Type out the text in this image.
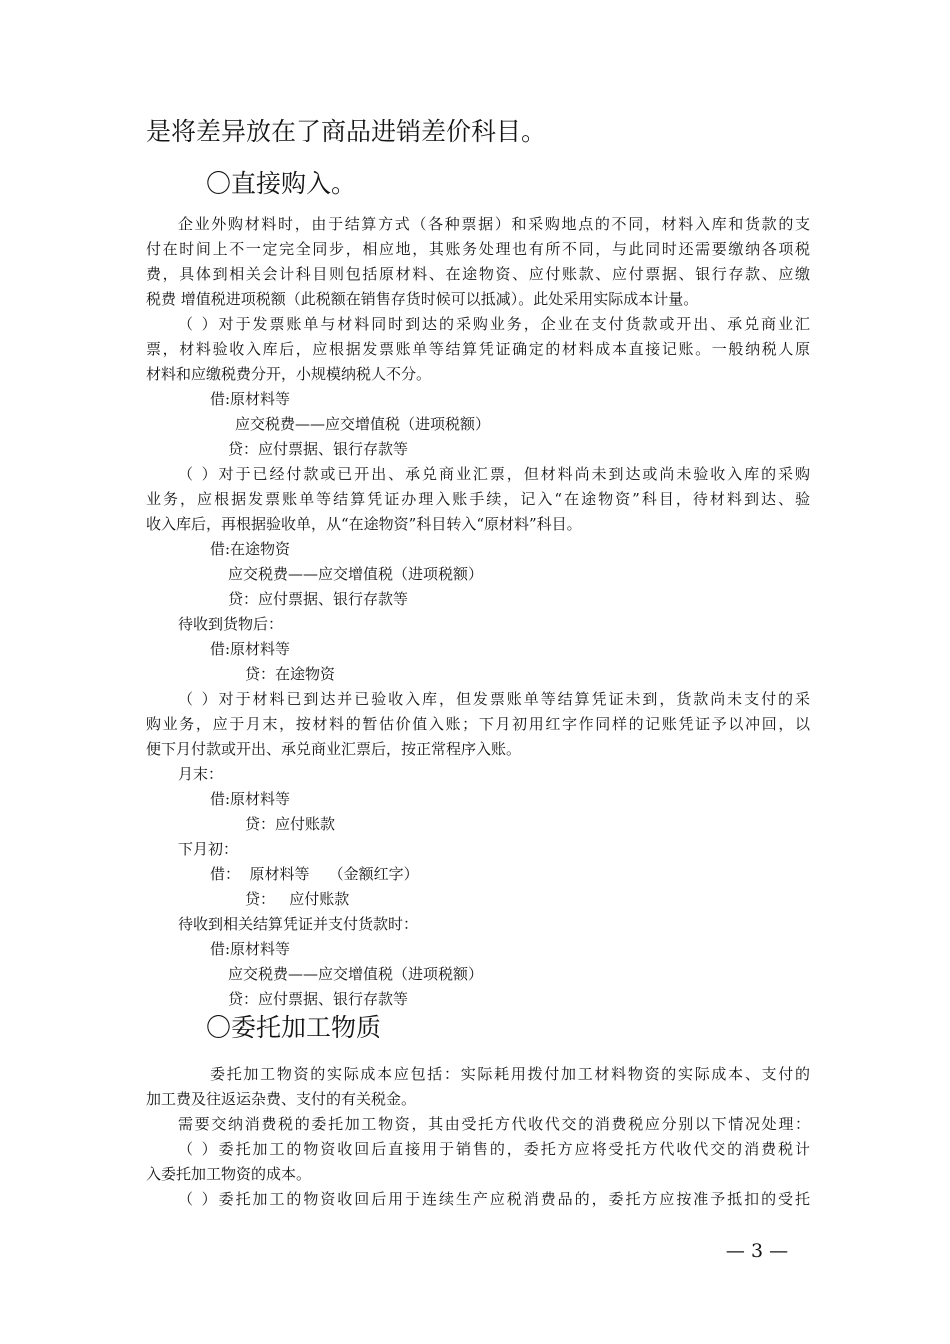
是将差异放在了商品进销差价科目。
〇直接购入。
企业外购材料时，由于结算方式（各种票据）和采购地点的不同，材料入库和货款的支
付在时间上不一定完全同步，相应地，其账务处理也有所不同，与此同时还需要缴纳各项税
费，具体到相关会计科目则包括原材料、在途物资、应付账款、应付票据、银行存款、应缴
税费 增值税进项税额（此税额在销售存货时候可以抵减）。此处采用实际成本计量。
（ ）对于发票账单与材料同时到达的采购业务，企业在支付货款或开出、承兑商业汇
票，材料验收入库后，应根据发票账单等结算凭证确定的材料成本直接记账。一般纳税人原
材料和应缴税费分开，小规模纳税人不分。
借:原材料等
应交税费——应交增值税（进项税额）
贷：应付票据、银行存款等
（ ）对于已经付款或已开出、承兑商业汇票，但材料尚未到达或尚未验收入库的采购
业务，应根据发票账单等结算凭证办理入账手续，记入“在途物资”科目，待材料到达、验
收入库后，再根据验收单，从“在途物资”科目转入“原材料”科目。
借:在途物资
应交税费——应交增值税（进项税额）
贷：应付票据、银行存款等
待收到货物后：
借:原材料等
贷：在途物资
（ ）对于材料已到达并已验收入库，但发票账单等结算凭证未到，货款尚未支付的采
购业务，应于月末，按材料的暂估价值入账；下月初用红字作同样的记账凭证予以冲回，以
便下月付款或开出、承兑商业汇票后，按正常程序入账。
月末：
借:原材料等
贷：应付账款
下月初：
借：  原材料等    （金额红字）
贷：   应付账款
待收到相关结算凭证并支付货款时：
借:原材料等
应交税费——应交增值税（进项税额）
贷：应付票据、银行存款等
〇委托加工物质
委托加工物资的实际成本应包括：实际耗用拨付加工材料物资的实际成本、支付的
加工费及往返运杂费、支付的有关税金。
需要交纳消费税的委托加工物资，其由受托方代收代交的消费税应分别以下情况处理：
（ ）委托加工的物资收回后直接用于销售的，委托方应将受托方代收代交的消费税计
入委托加工物资的成本。
（ ）委托加工的物资收回后用于连续生产应税消费品的，委托方应按准予抵扣的受托
— 3 —
